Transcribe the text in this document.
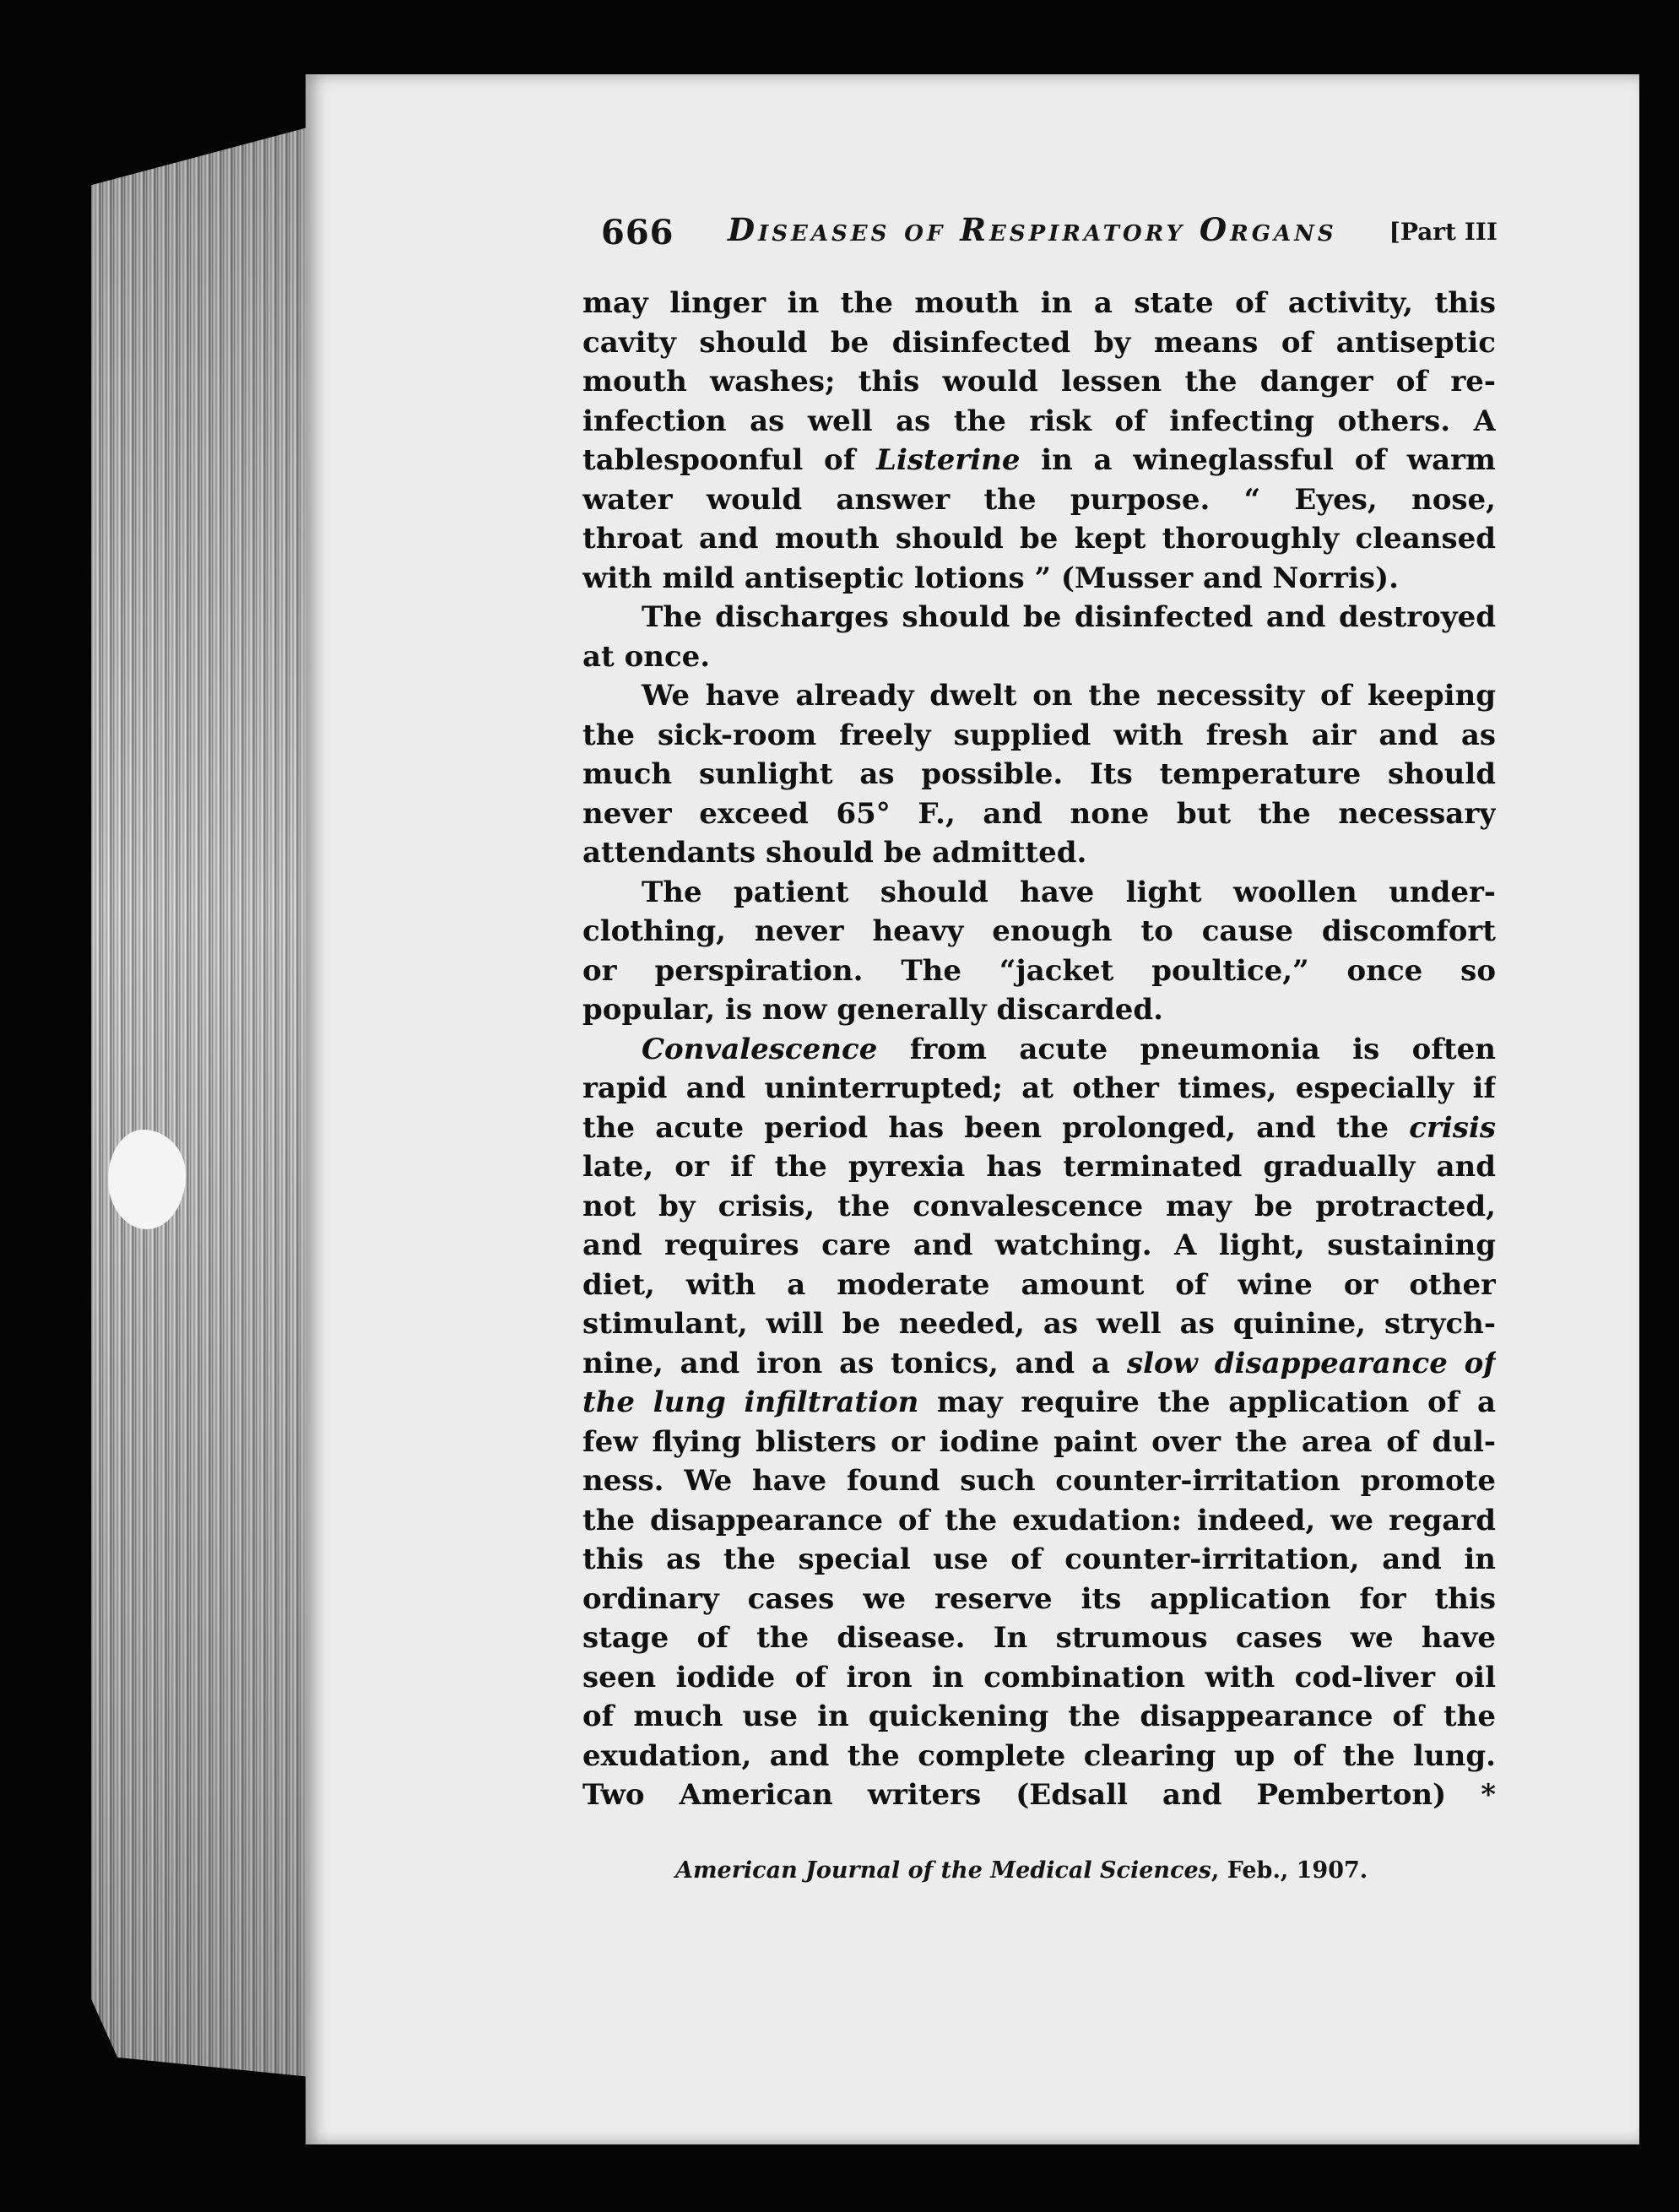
666 Diseases of Respiratory Organs [Part III
may linger in the mouth in a state of activity, this
cavity should be disinfected by means of antiseptic
mouth washes; this would lessen the danger of re-
infection as well as the risk of infecting others. A
tablespoonful of Listerine in a wineglassful of warm
water would answer the purpose. “ Eyes, nose,
throat and mouth should be kept thoroughly cleansed
with mild antiseptic lotions ” (Musser and Norris).
The discharges should be disinfected and destroyed
at once.
We have already dwelt on the necessity of keeping
the sick-room freely supplied with fresh air and as
much sunlight as possible. Its temperature should
never exceed 65° F., and none but the necessary
attendants should be admitted.
The patient should have light woollen under-
clothing, never heavy enough to cause discomfort
or perspiration. The “jacket poultice,” once so
popular, is now generally discarded.
Convalescence from acute pneumonia is often
rapid and uninterrupted; at other times, especially if
the acute period has been prolonged, and the crisis
late, or if the pyrexia has terminated gradually and
not by crisis, the convalescence may be protracted,
and requires care and watching. A light, sustaining
diet, with a moderate amount of wine or other
stimulant, will be needed, as well as quinine, strych-
nine, and iron as tonics, and a slow disappearance of
the lung infiltration may require the application of a
few flying blisters or iodine paint over the area of dul-
ness. We have found such counter-irritation promote
the disappearance of the exudation: indeed, we regard
this as the special use of counter-irritation, and in
ordinary cases we reserve its application for this
stage of the disease. In strumous cases we have
seen iodide of iron in combination with cod-liver oil
of much use in quickening the disappearance of the
exudation, and the complete clearing up of the lung.
Two American writers (Edsall and Pemberton) *
American Journal of the Medical Sciences, Feb., 1907.
